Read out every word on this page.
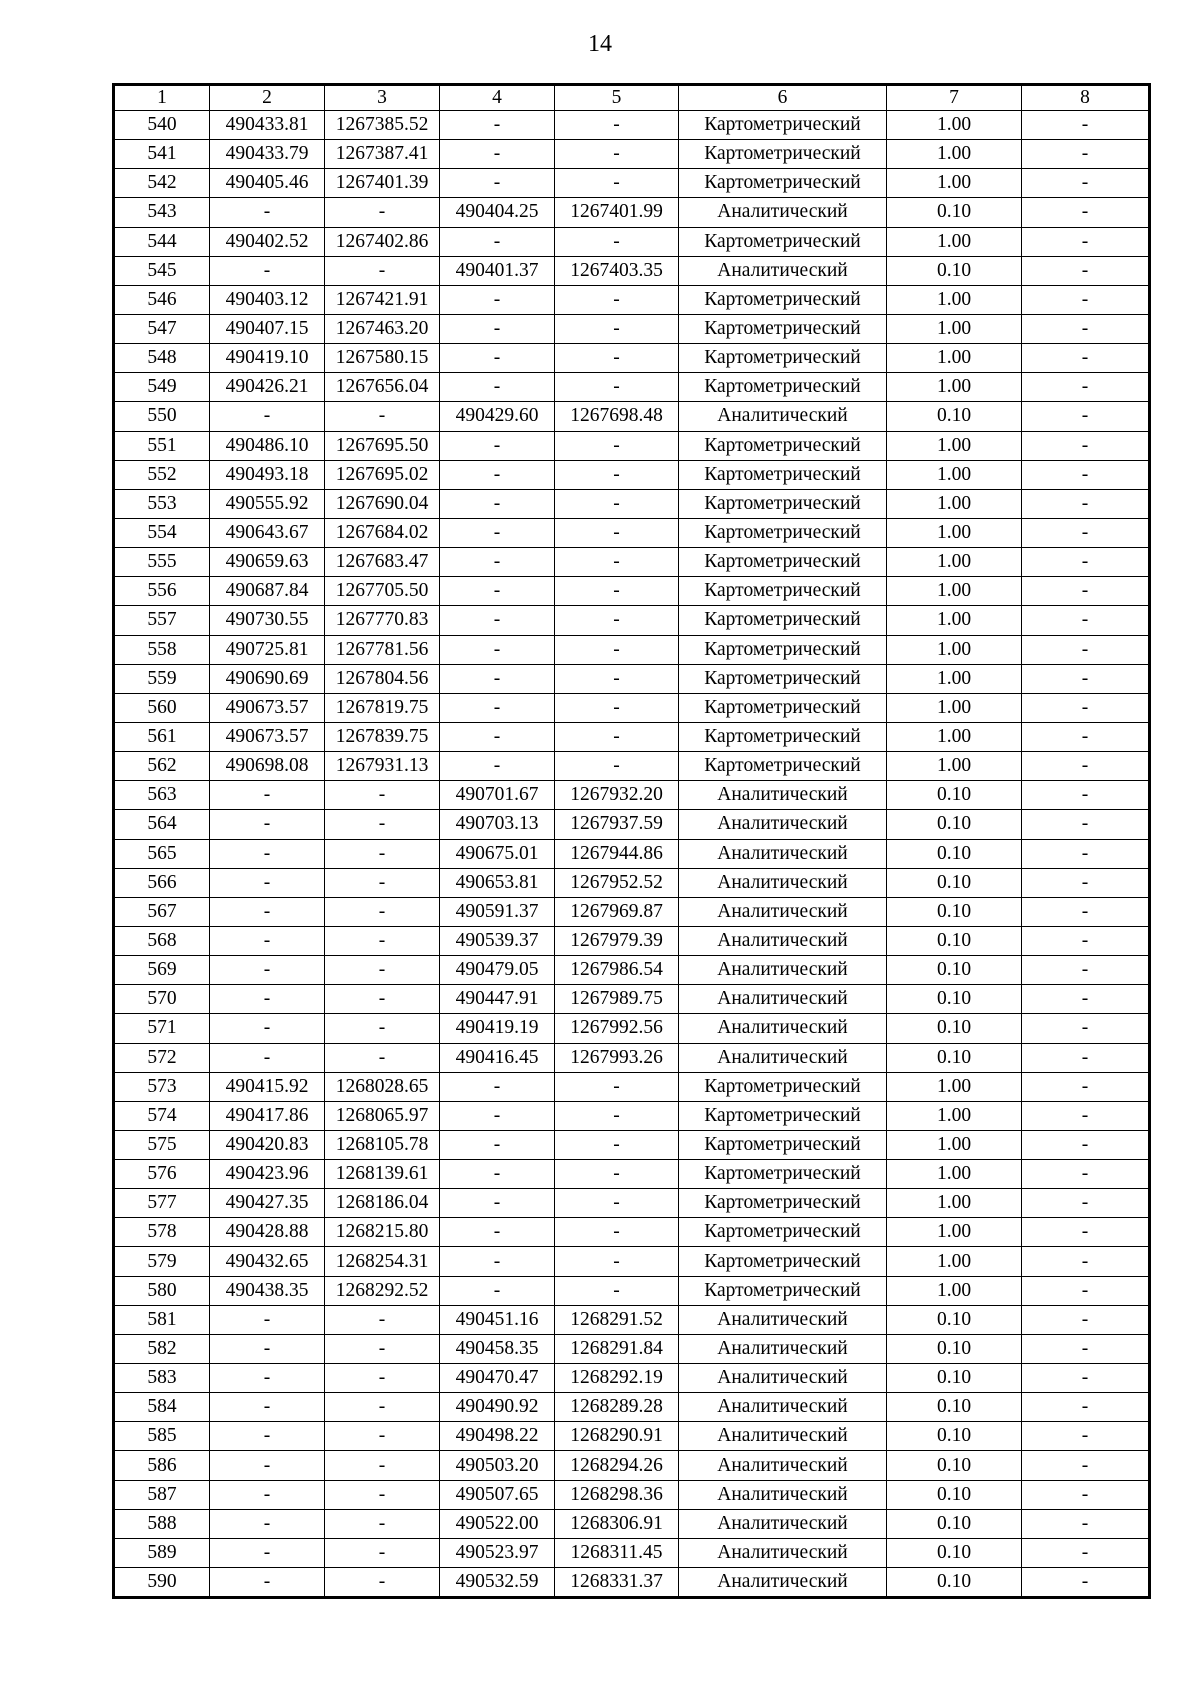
14
1	2	3	4	5	6	7	8
540	490433.81	1267385.52	-	-	Картометрический	1.00	-
541	490433.79	1267387.41	-	-	Картометрический	1.00	-
542	490405.46	1267401.39	-	-	Картометрический	1.00	-
543	-	-	490404.25	1267401.99	Аналитический	0.10	-
544	490402.52	1267402.86	-	-	Картометрический	1.00	-
545	-	-	490401.37	1267403.35	Аналитический	0.10	-
546	490403.12	1267421.91	-	-	Картометрический	1.00	-
547	490407.15	1267463.20	-	-	Картометрический	1.00	-
548	490419.10	1267580.15	-	-	Картометрический	1.00	-
549	490426.21	1267656.04	-	-	Картометрический	1.00	-
550	-	-	490429.60	1267698.48	Аналитический	0.10	-
551	490486.10	1267695.50	-	-	Картометрический	1.00	-
552	490493.18	1267695.02	-	-	Картометрический	1.00	-
553	490555.92	1267690.04	-	-	Картометрический	1.00	-
554	490643.67	1267684.02	-	-	Картометрический	1.00	-
555	490659.63	1267683.47	-	-	Картометрический	1.00	-
556	490687.84	1267705.50	-	-	Картометрический	1.00	-
557	490730.55	1267770.83	-	-	Картометрический	1.00	-
558	490725.81	1267781.56	-	-	Картометрический	1.00	-
559	490690.69	1267804.56	-	-	Картометрический	1.00	-
560	490673.57	1267819.75	-	-	Картометрический	1.00	-
561	490673.57	1267839.75	-	-	Картометрический	1.00	-
562	490698.08	1267931.13	-	-	Картометрический	1.00	-
563	-	-	490701.67	1267932.20	Аналитический	0.10	-
564	-	-	490703.13	1267937.59	Аналитический	0.10	-
565	-	-	490675.01	1267944.86	Аналитический	0.10	-
566	-	-	490653.81	1267952.52	Аналитический	0.10	-
567	-	-	490591.37	1267969.87	Аналитический	0.10	-
568	-	-	490539.37	1267979.39	Аналитический	0.10	-
569	-	-	490479.05	1267986.54	Аналитический	0.10	-
570	-	-	490447.91	1267989.75	Аналитический	0.10	-
571	-	-	490419.19	1267992.56	Аналитический	0.10	-
572	-	-	490416.45	1267993.26	Аналитический	0.10	-
573	490415.92	1268028.65	-	-	Картометрический	1.00	-
574	490417.86	1268065.97	-	-	Картометрический	1.00	-
575	490420.83	1268105.78	-	-	Картометрический	1.00	-
576	490423.96	1268139.61	-	-	Картометрический	1.00	-
577	490427.35	1268186.04	-	-	Картометрический	1.00	-
578	490428.88	1268215.80	-	-	Картометрический	1.00	-
579	490432.65	1268254.31	-	-	Картометрический	1.00	-
580	490438.35	1268292.52	-	-	Картометрический	1.00	-
581	-	-	490451.16	1268291.52	Аналитический	0.10	-
582	-	-	490458.35	1268291.84	Аналитический	0.10	-
583	-	-	490470.47	1268292.19	Аналитический	0.10	-
584	-	-	490490.92	1268289.28	Аналитический	0.10	-
585	-	-	490498.22	1268290.91	Аналитический	0.10	-
586	-	-	490503.20	1268294.26	Аналитический	0.10	-
587	-	-	490507.65	1268298.36	Аналитический	0.10	-
588	-	-	490522.00	1268306.91	Аналитический	0.10	-
589	-	-	490523.97	1268311.45	Аналитический	0.10	-
590	-	-	490532.59	1268331.37	Аналитический	0.10	-
